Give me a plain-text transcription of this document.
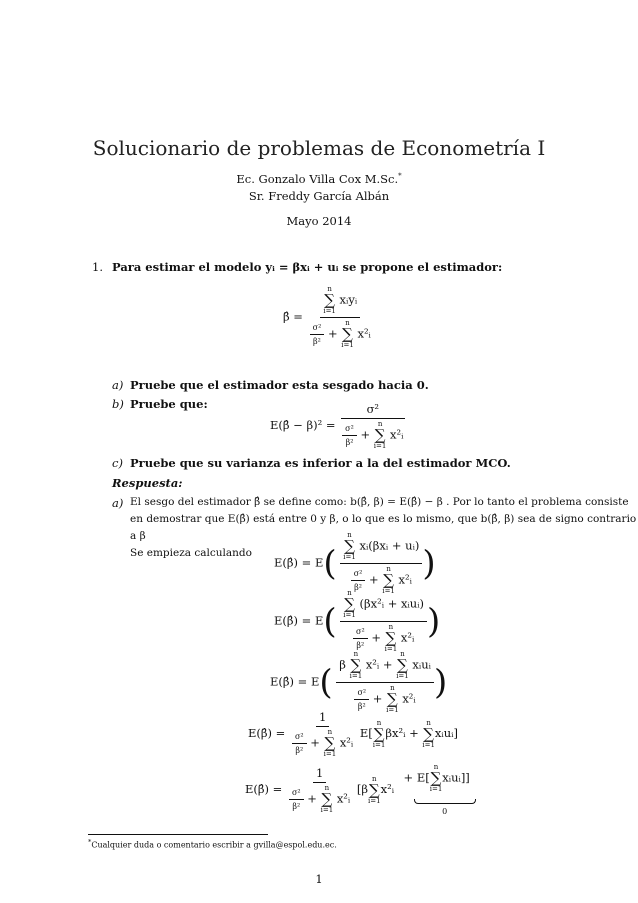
Solucionario de problemas de Econometría I
Ec. Gonzalo Villa Cox M.Sc.*
Sr. Freddy García Albán
Mayo 2014
1. Para estimar el modelo yᵢ = βxᵢ + uᵢ se propone el estimador:
β̂ = n
∑
i=1
xᵢyᵢ
$\frac{\text{σ²}}{\text{β²}}$ +
n
∑
i=1
x²ᵢ
a) Pruebe que el estimador esta sesgado hacia 0.
b) Pruebe que:
E(β̂ − β)² = σ²
$\frac{\text{σ²}}{\text{β²}}$ +
n
∑
i=1
x²ᵢ
c) Pruebe que su varianza es inferior a la del estimador MCO.
Respuesta:
a) El sesgo del estimador β̂ se define como: b(β̂, β) = E(β̂) − β . Por lo tanto el problema consiste
en demostrar que E(β̂) está entre 0 y β, o lo que es lo mismo, que b(β̂, β) sea de signo contrario
a β
Se empieza calculando
E(β̂) = E( n
∑
i=1
xᵢ(βxᵢ + uᵢ)
$\frac{\text{σ²}}{\text{β²}}$ +
n
∑
i=1
x²ᵢ )
E(β̂) = E( n
∑
i=1
(βx²ᵢ + xᵢuᵢ)
$\frac{\text{σ²}}{\text{β²}}$ +
n
∑
i=1
x²ᵢ )
E(β̂) = E( β
n
∑
i=1
x²ᵢ +
n
∑
i=1
xᵢuᵢ
$\frac{\text{σ²}}{\text{β²}}$ +
n
∑
i=1
x²ᵢ )
E(β̂) = 1
$\frac{\text{σ²}}{\text{β²}}$ +
n
∑
i=1
x²ᵢ E[
n
∑
i=1
βx²ᵢ +
n
∑
i=1
xᵢuᵢ]
E(β̂) = 1
$\frac{\text{σ²}}{\text{β²}}$ +
n
∑
i=1
x²ᵢ [β
n
∑
i=1
x²ᵢ
+ E[
n
∑
i=1
xᵢuᵢ]]
0
*Cualquier duda o comentario escribir a gvilla@espol.edu.ec.
1
